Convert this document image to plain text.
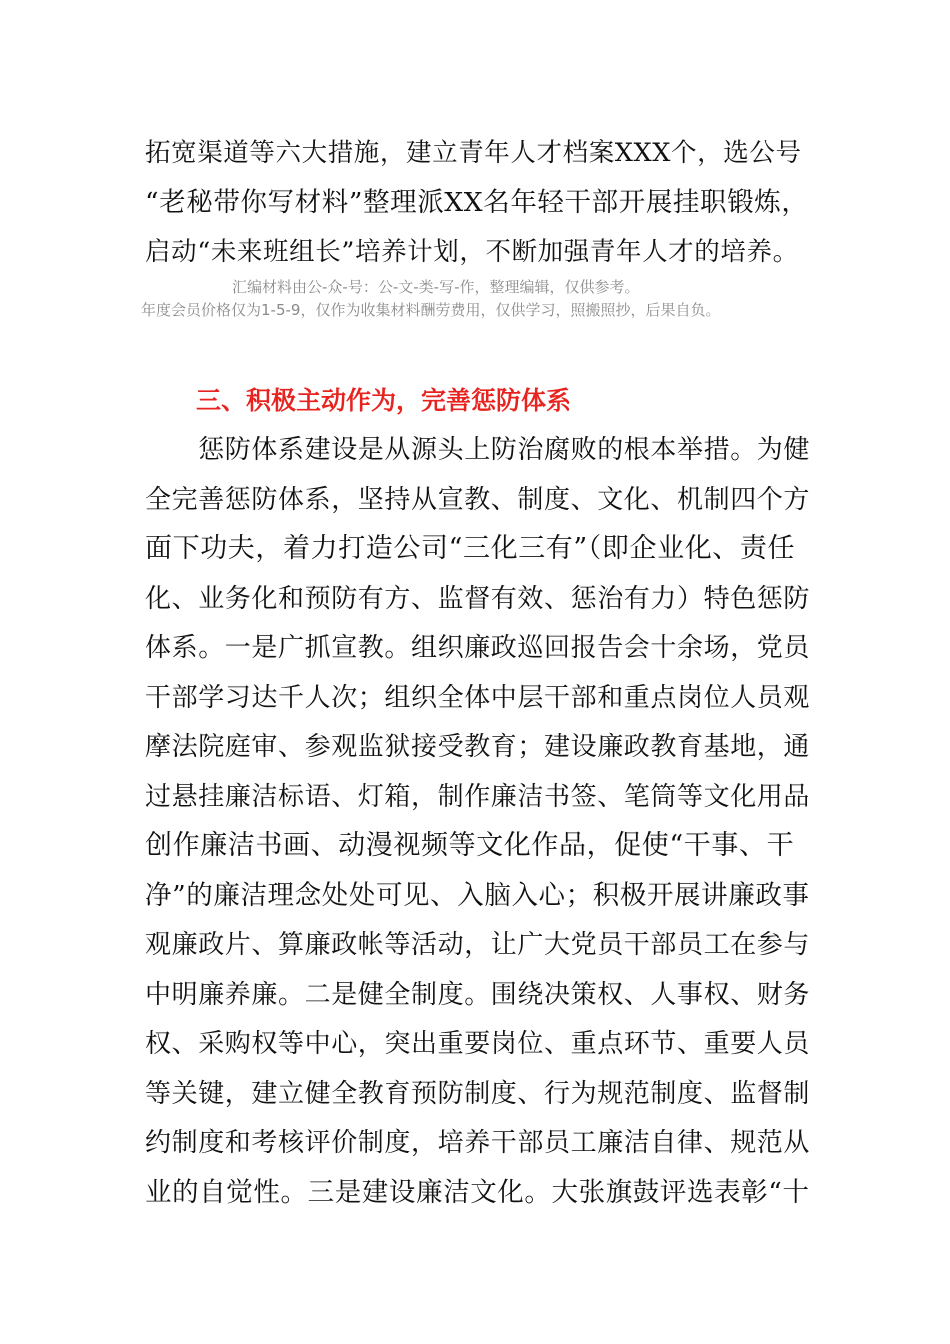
拓宽渠道等六大措施，建立青年人才档案XXX个，选公号
“老秘带你写材料”整理派XX名年轻干部开展挂职锻炼，
启动“未来班组长”培养计划，不断加强青年人才的培养。
汇编材料由公-众-号：公-文-类-写-作，整理编辑，仅供参考。
年度会员价格仅为1-5-9，仅作为收集材料酬劳费用，仅供学习，照搬照抄，后果自负。
三、积极主动作为，完善惩防体系
　　惩防体系建设是从源头上防治腐败的根本举措。为健
全完善惩防体系，坚持从宣教、制度、文化、机制四个方
面下功夫，着力打造公司“三化三有”（即企业化、责任
化、业务化和预防有方、监督有效、惩治有力）特色惩防
体系。一是广抓宣教。组织廉政巡回报告会十余场，党员
干部学习达千人次；组织全体中层干部和重点岗位人员观
摩法院庭审、参观监狱接受教育；建设廉政教育基地，通
过悬挂廉洁标语、灯箱，制作廉洁书签、笔筒等文化用品
创作廉洁书画、动漫视频等文化作品，促使“干事、干
净”的廉洁理念处处可见、入脑入心；积极开展讲廉政事
观廉政片、算廉政帐等活动，让广大党员干部员工在参与
中明廉养廉。二是健全制度。围绕决策权、人事权、财务
权、采购权等中心，突出重要岗位、重点环节、重要人员
等关键，建立健全教育预防制度、行为规范制度、监督制
约制度和考核评价制度，培养干部员工廉洁自律、规范从
业的自觉性。三是建设廉洁文化。大张旗鼓评选表彰“十
